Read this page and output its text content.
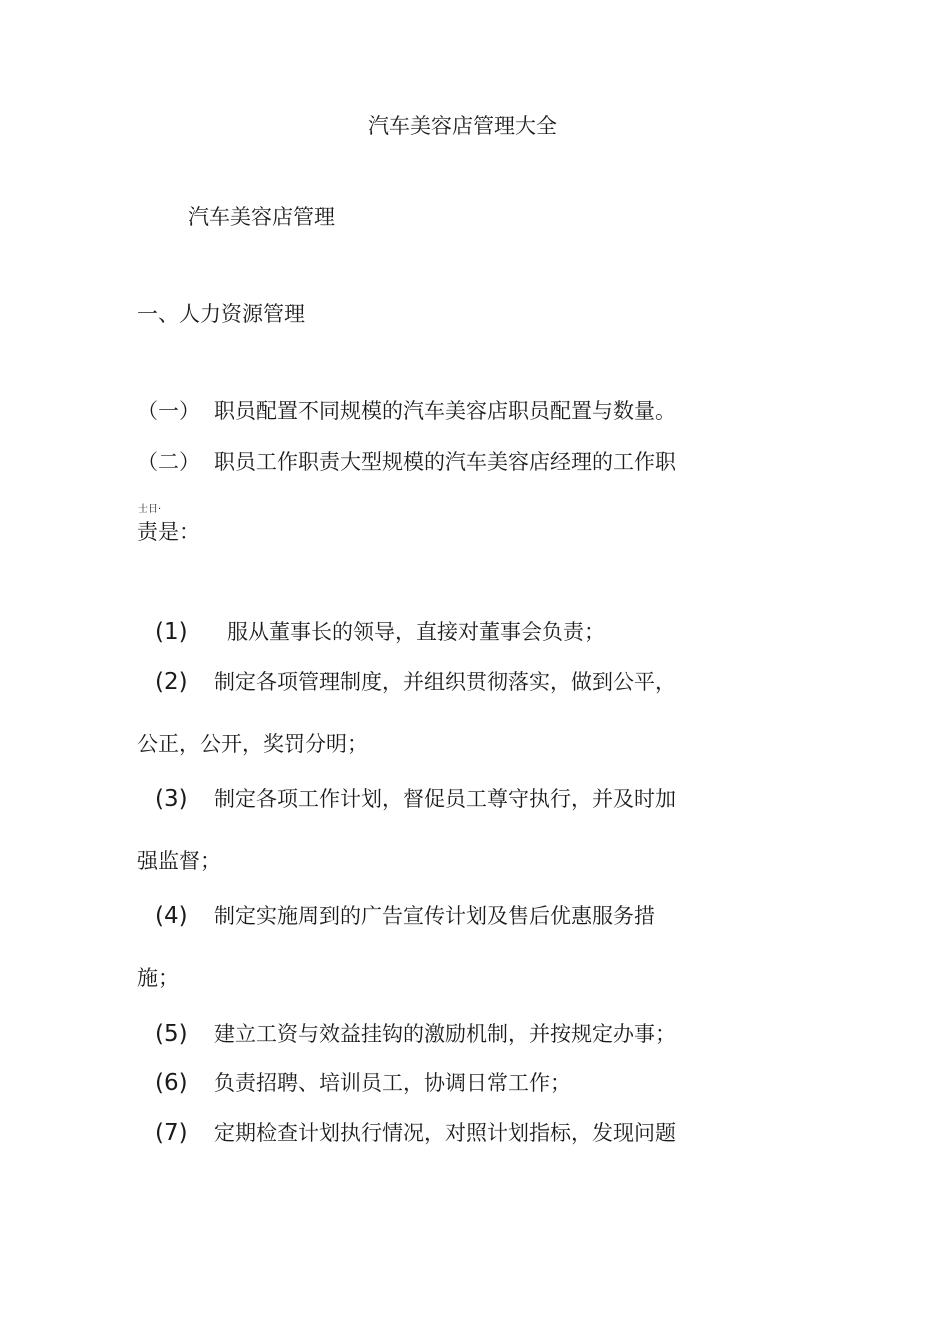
汽车美容店管理大全
汽车美容店管理
一、人力资源管理
（一） 职员配置不同规模的汽车美容店职员配置与数量。
（二） 职员工作职责大型规模的汽车美容店经理的工作职
士日·
责是：
(1) 服从董事长的领导，直接对董事会负责；
(2) 制定各项管理制度，并组织贯彻落实，做到公平，
公正，公开，奖罚分明；
(3) 制定各项工作计划，督促员工尊守执行，并及时加
强监督；
(4) 制定实施周到的广告宣传计划及售后优惠服务措
施；
(5) 建立工资与效益挂钩的激励机制，并按规定办事；
(6) 负责招聘、培训员工，协调日常工作；
(7) 定期检查计划执行情况，对照计划指标，发现问题
